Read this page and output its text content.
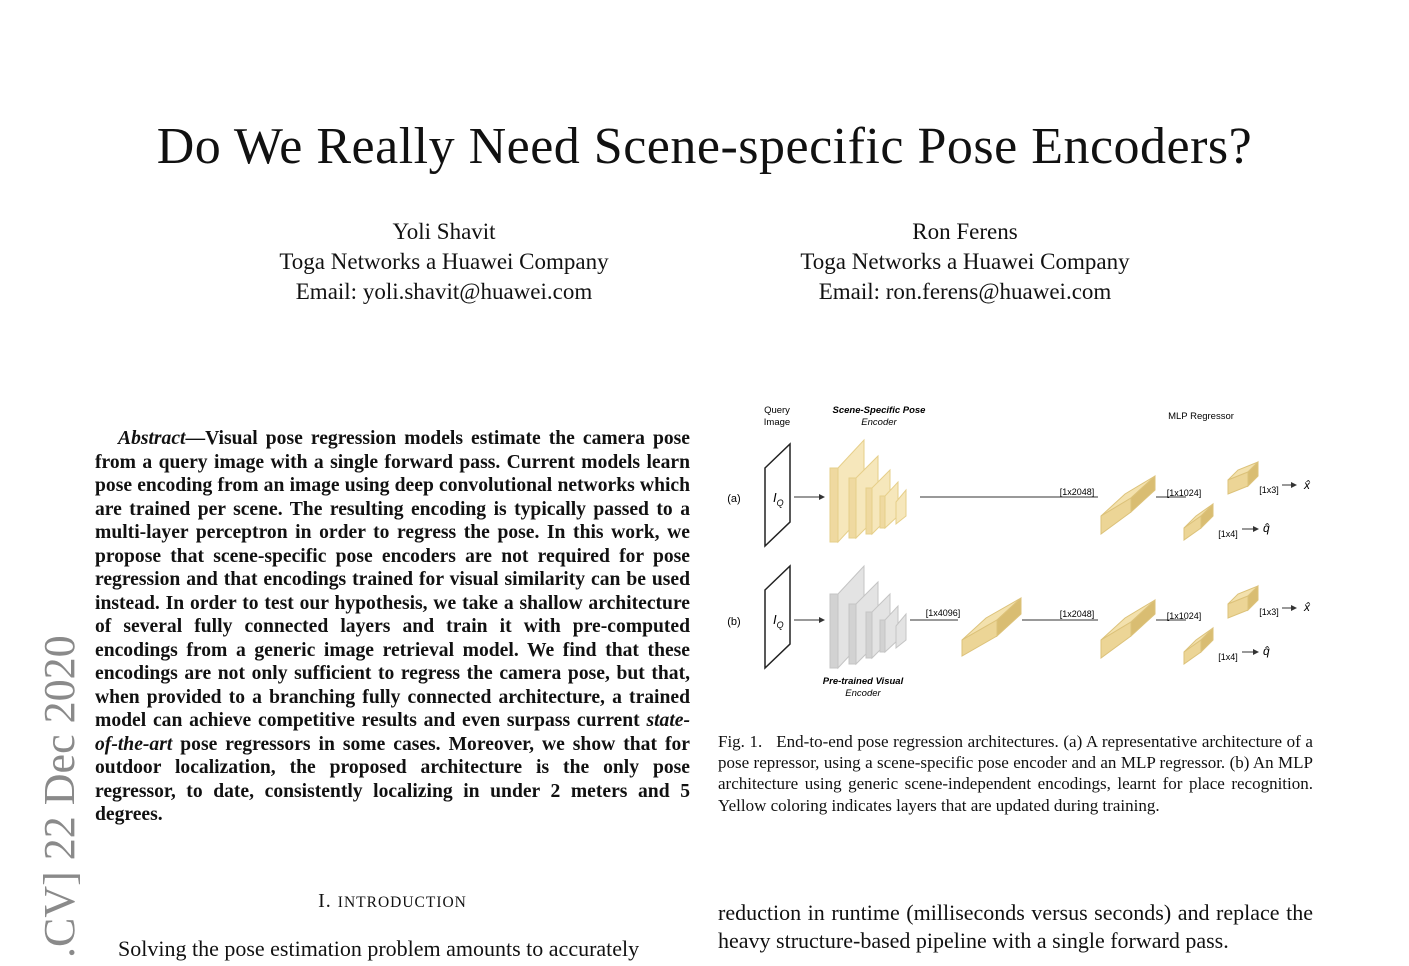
.CV] 22 Dec 2020
Do We Really Need Scene-specific Pose Encoders?
Yoli Shavit
Toga Networks a Huawei Company
Email: yoli.shavit@huawei.com
Ron Ferens
Toga Networks a Huawei Company
Email: ron.ferens@huawei.com
Abstract—Visual pose regression models estimate the camera pose from a query image with a single forward pass. Current models learn pose encoding from an image using deep convolutional networks which are trained per scene. The resulting encoding is typically passed to a multi-layer perceptron in order to regress the pose. In this work, we propose that scene-specific pose encoders are not required for pose regression and that encodings trained for visual similarity can be used instead. In order to test our hypothesis, we take a shallow architecture of several fully connected layers and train it with pre-computed encodings from a generic image retrieval model. We find that these encodings are not only sufficient to regress the camera pose, but that, when provided to a branching fully connected architecture, a trained model can achieve competitive results and even surpass current state-of-the-art pose regressors in some cases. Moreover, we show that for outdoor localization, the proposed architecture is the only pose regressor, to date, consistently localizing in under 2 meters and 5 degrees.
I. INTRODUCTION
Solving the pose estimation problem amounts to accurately
Query
Image
Scene-Specific Pose
Encoder
MLP Regressor
(a) $I_Q$
[1x2048]	[1x1024]	[1x3] x̂
[1x4] q̂
(b) $I_Q$
Pre-trained Visual
Encoder
[1x4096]	[1x2048]	[1x1024]	[1x3] x̂
[1x4] q̂
Fig. 1. End-to-end pose regression architectures. (a) A representative architecture of a pose repressor, using a scene-specific pose encoder and an MLP regressor. (b) An MLP architecture using generic scene-independent encodings, learnt for place recognition. Yellow coloring indicates layers that are updated during training.
reduction in runtime (milliseconds versus seconds) and replace the heavy structure-based pipeline with a single forward pass.
